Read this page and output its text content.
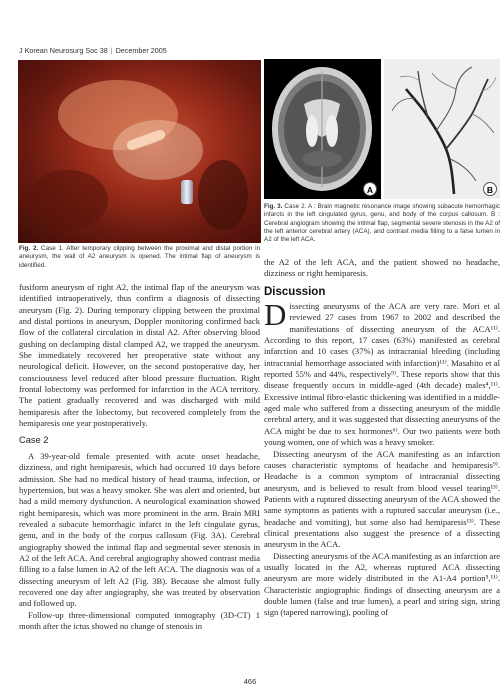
J Korean Neurosurg Soc 38 | December 2005
A	B
Fig. 2. Case 1. After temporary clipping between the proximal and distal portion in aneurysm, the wall of A2 aneurysm is opened. The intimal flap of aneurysm is identified.
Fig. 3. Case 2. A : Brain magnetic resonance image showing subacute hemorrhagic infarcts in the left cingulated gyrus, genu, and body of the corpus callosum. B : Cerebral angiogram showing the intimal flap, segmental severe stenosis in the A2 of the left anterior cerebral artery (ACA), and contrast media filling to a false lumen in A2 of the left ACA.

fusiform aneurysm of right A2, the intimal flap of the aneurysm was identified intraoperatively, thus confirm a diagnosis of dissecting aneurysm (Fig. 2). During temporary clipping between the proximal and distal portions in aneurysm, Doppler monitoring confirmed back flow of the collateral circulation in distal A2. After observing blood gushing on declamping distal clamped A2, we trapped the aneurysm. She immediately recovered her preoperative state without any neurological deficit. However, on the second postoperative day, her consciousness level reduced after blood pressure fluctuation. Right frontal lobectomy was performed for infarction in the ACA territory. The patient gradually recovered and was discharged with mild hemiparesis after the lobectomy, but recovered completely from the hemiparesis one year postoperatively.

Case 2

A 39-year-old female presented with acute onset headache, dizziness, and right hemiparesis, which had occurred 10 days before admission. She had no medical history of head trauma, infection, or hypertension, but was a heavy smoker. She was alert and oriented, but had a mild memory dysfunction. A neurological examination showed right hemiparesis, which was more prominent in the arm. Brain MRI revealed a subacute hemorrhagic infarct in the left cingulate gyrus, genu, and in the body of the corpus callosum (Fig. 3A). Cerebral angiography showed the intimal flap and segmental sever stenosis in A2 of the left ACA. And cerebral angiography showed contrast media filling to a false lumen in A2 of the left ACA. The diagnosis was of a dissecting aneurysm of left A2 (Fig. 3B). Because she almost fully recovered one day after angiography, she was treated by observation and followed up.

Follow-up three-dimensional computed tomography (3D-CT) 1 month after the ictus showed no change of stenosis in

the A2 of the left ACA, and the patient showed no headache, dizziness or right hemiparesis.

Discussion

Dissecting aneurysms of the ACA are very rare. Mori et al reviewed 27 cases from 1967 to 2002 and described the manifestations of dissecting aneurysm of the ACA¹¹⁾. According to this report, 17 cases (63%) manifested as cerebral infarction and 10 cases (37%) as intracranial bleeding (including intracranial hemorrhage associated with infarction)¹¹⁾. Masahito et al reported 55% and 44%, respectively⁹⁾. These reports show that this disease frequently occurs in middle-aged (4th decade) males⁴,¹¹⁾. Excessive intimal fibro-elastic thickening was identified in a middle-aged male who suffered from a dissecting aneurysm of the middle cerebral artery, and it was suggested that dissecting aneurysms of the ACA might be due to sex hormones⁶⁾. Our two patients were both young women, one of which was a heavy smoker.

Dissecting aneurysm of the ACA manifesting as an infarction causes characteristic symptoms of headache and hemiparesis⁹⁾. Headache is a common symptom of intracranial dissecting aneurysm, and is believed to result from blood vessel tearing¹³⁾. Patients with a ruptured dissecting aneurysm of the ACA showed the same symptoms as patients with a ruptured saccular aneurysm (i.e., headache and vomiting), but some also had hemiparesis¹³⁾. These clinical presentations also suggest the presence of a dissecting aneurysm in the ACA.

Dissecting aneurysms of the ACA manifesting as an infarction are usually located in the A2, whereas ruptured ACA dissecting aneurysm are more widely distributed in the A1-A4 portion⁵,¹¹⁾. Characteristic angiographic findings of dissecting aneurysm are a double lumen (false and true lumen), a pearl and string sign, string sign (tapered narrowing), pooling of

466
